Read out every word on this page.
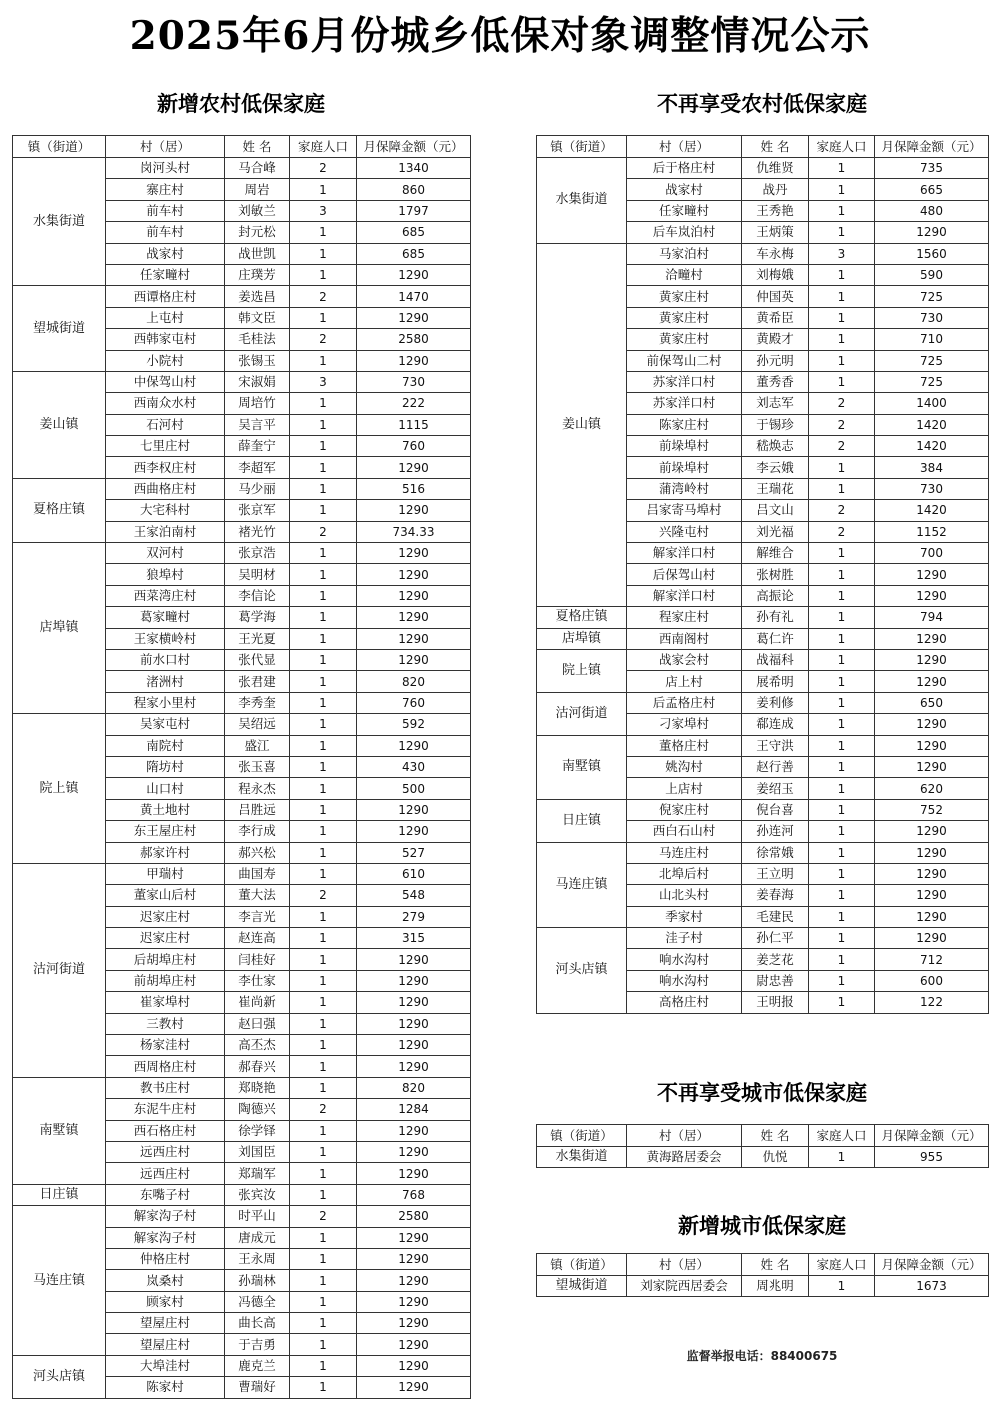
2025年6月份城乡低保对象调整情况公示
新增农村低保家庭	不再享受农村低保家庭
不再享受城市低保家庭
新增城市低保家庭
镇（街道）	村（居）	姓 名	家庭人口	月保障金额（元）
水集街道	岗河头村	马合峰	2	1340
	寨庄村	周岩	1	860
	前车村	刘敏兰	3	1797
	前车村	封元松	1	685
	战家村	战世凯	1	685
	任家疃村	庄璞芳	1	1290
望城街道	西谭格庄村	姜选昌	2	1470
	上屯村	韩文臣	1	1290
	西韩家屯村	毛桂法	2	2580
	小院村	张锡玉	1	1290
姜山镇	中保驾山村	宋淑娟	3	730
	西南众水村	周培竹	1	222
	石河村	吴言平	1	1115
	七里庄村	薛奎宁	1	760
	西李权庄村	李超军	1	1290
夏格庄镇	西曲格庄村	马少丽	1	516
	大宅科村	张京军	1	1290
	王家泊南村	褚光竹	2	734.33
店埠镇	双河村	张京浩	1	1290
	狼埠村	吴明材	1	1290
	西菜湾庄村	李信论	1	1290
	葛家疃村	葛学海	1	1290
	王家横岭村	王光夏	1	1290
	前水口村	张代显	1	1290
	渚洲村	张君建	1	820
	程家小里村	李秀奎	1	760
院上镇	吴家屯村	吴绍远	1	592
	南院村	盛江	1	1290
	隋坊村	张玉喜	1	430
	山口村	程永杰	1	500
	黄土地村	吕胜远	1	1290
	东王屋庄村	李行成	1	1290
	郝家许村	郝兴松	1	527
沽河街道	甲瑞村	曲国寿	1	610
	董家山后村	董大法	2	548
	迟家庄村	李言光	1	279
	迟家庄村	赵连高	1	315
	后胡埠庄村	闫桂好	1	1290
	前胡埠庄村	李仕家	1	1290
	崔家埠村	崔尚新	1	1290
	三教村	赵曰强	1	1290
	杨家洼村	高丕杰	1	1290
	西周格庄村	郝春兴	1	1290
南墅镇	教书庄村	郑晓艳	1	820
	东泥牛庄村	陶德兴	2	1284
	西石格庄村	徐学铎	1	1290
	远西庄村	刘国臣	1	1290
	远西庄村	郑瑞军	1	1290
日庄镇	东嘴子村	张宾汝	1	768
马连庄镇	解家沟子村	时平山	2	2580
	解家沟子村	唐成元	1	1290
	仲格庄村	王永周	1	1290
	岚桑村	孙瑞林	1	1290
	顾家村	冯德全	1	1290
	望屋庄村	曲长高	1	1290
	望屋庄村	于吉勇	1	1290
河头店镇	大埠洼村	鹿克兰	1	1290
	陈家村	曹瑞好	1	1290
镇（街道）	村（居）	姓 名	家庭人口	月保障金额（元）
水集街道	后于格庄村	仇维贤	1	735
	战家村	战丹	1	665
	任家疃村	王秀艳	1	480
	后车岚泊村	王炳策	1	1290
姜山镇	马家泊村	车永梅	3	1560
	洽疃村	刘梅娥	1	590
	黄家庄村	仲国英	1	725
	黄家庄村	黄希臣	1	730
	黄家庄村	黄殿才	1	710
	前保驾山二村	孙元明	1	725
	苏家洋口村	董秀香	1	725
	苏家洋口村	刘志军	2	1400
	陈家庄村	于锡珍	2	1420
	前垛埠村	嵇焕志	2	1420
	前垛埠村	李云娥	1	384
	蒲湾岭村	王瑞花	1	730
	吕家寄马埠村	吕文山	2	1420
	兴隆屯村	刘光福	2	1152
	解家洋口村	解维合	1	700
	后保驾山村	张树胜	1	1290
	解家洋口村	高振论	1	1290
夏格庄镇	程家庄村	孙有礼	1	794
店埠镇	西南阁村	葛仁许	1	1290
院上镇	战家会村	战福科	1	1290
	店上村	展希明	1	1290
沽河街道	后孟格庄村	姜利修	1	650
	刁家埠村	郗连成	1	1290
南墅镇	董格庄村	王守洪	1	1290
	姚沟村	赵行善	1	1290
	上店村	姜绍玉	1	620
日庄镇	倪家庄村	倪台喜	1	752
	西白石山村	孙连河	1	1290
马连庄镇	马连庄村	徐常娥	1	1290
	北埠后村	王立明	1	1290
	山北头村	姜春海	1	1290
	季家村	毛建民	1	1290
河头店镇	洼子村	孙仁平	1	1290
	响水沟村	姜芝花	1	712
	响水沟村	尉忠善	1	600
	高格庄村	王明报	1	122
镇（街道）	村（居）	姓 名	家庭人口	月保障金额（元）
水集街道	黄海路居委会	仇悦	1	955
镇（街道）	村（居）	姓 名	家庭人口	月保障金额（元）
望城街道	刘家院西居委会	周兆明	1	1673
监督举报电话：88400675
